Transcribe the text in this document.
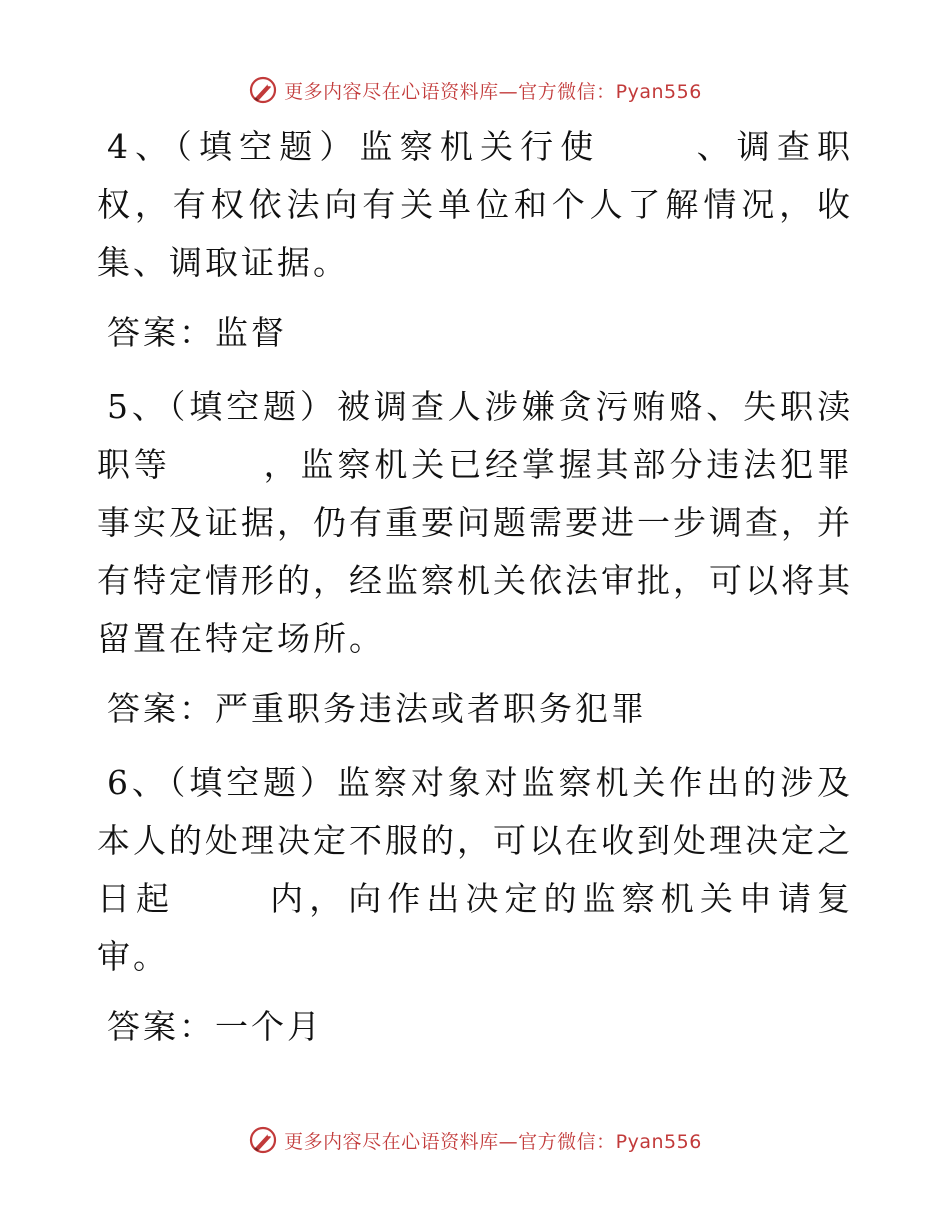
更多内容尽在心语资料库—官方微信：Pyan556

4、（填空题）监察机关行使	、调查职权，有权依法向有关单位和个人了解情况，收集、调取证据。

答案：监督

5、（填空题）被调查人涉嫌贪污贿赂、失职渎职等	，监察机关已经掌握其部分违法犯罪事实及证据，仍有重要问题需要进一步调查，并有特定情形的，经监察机关依法审批，可以将其留置在特定场所。

答案：严重职务违法或者职务犯罪

6、（填空题）监察对象对监察机关作出的涉及本人的处理决定不服的，可以在收到处理决定之日起	内，向作出决定的监察机关申请复审。

答案：一个月

更多内容尽在心语资料库—官方微信：Pyan556
